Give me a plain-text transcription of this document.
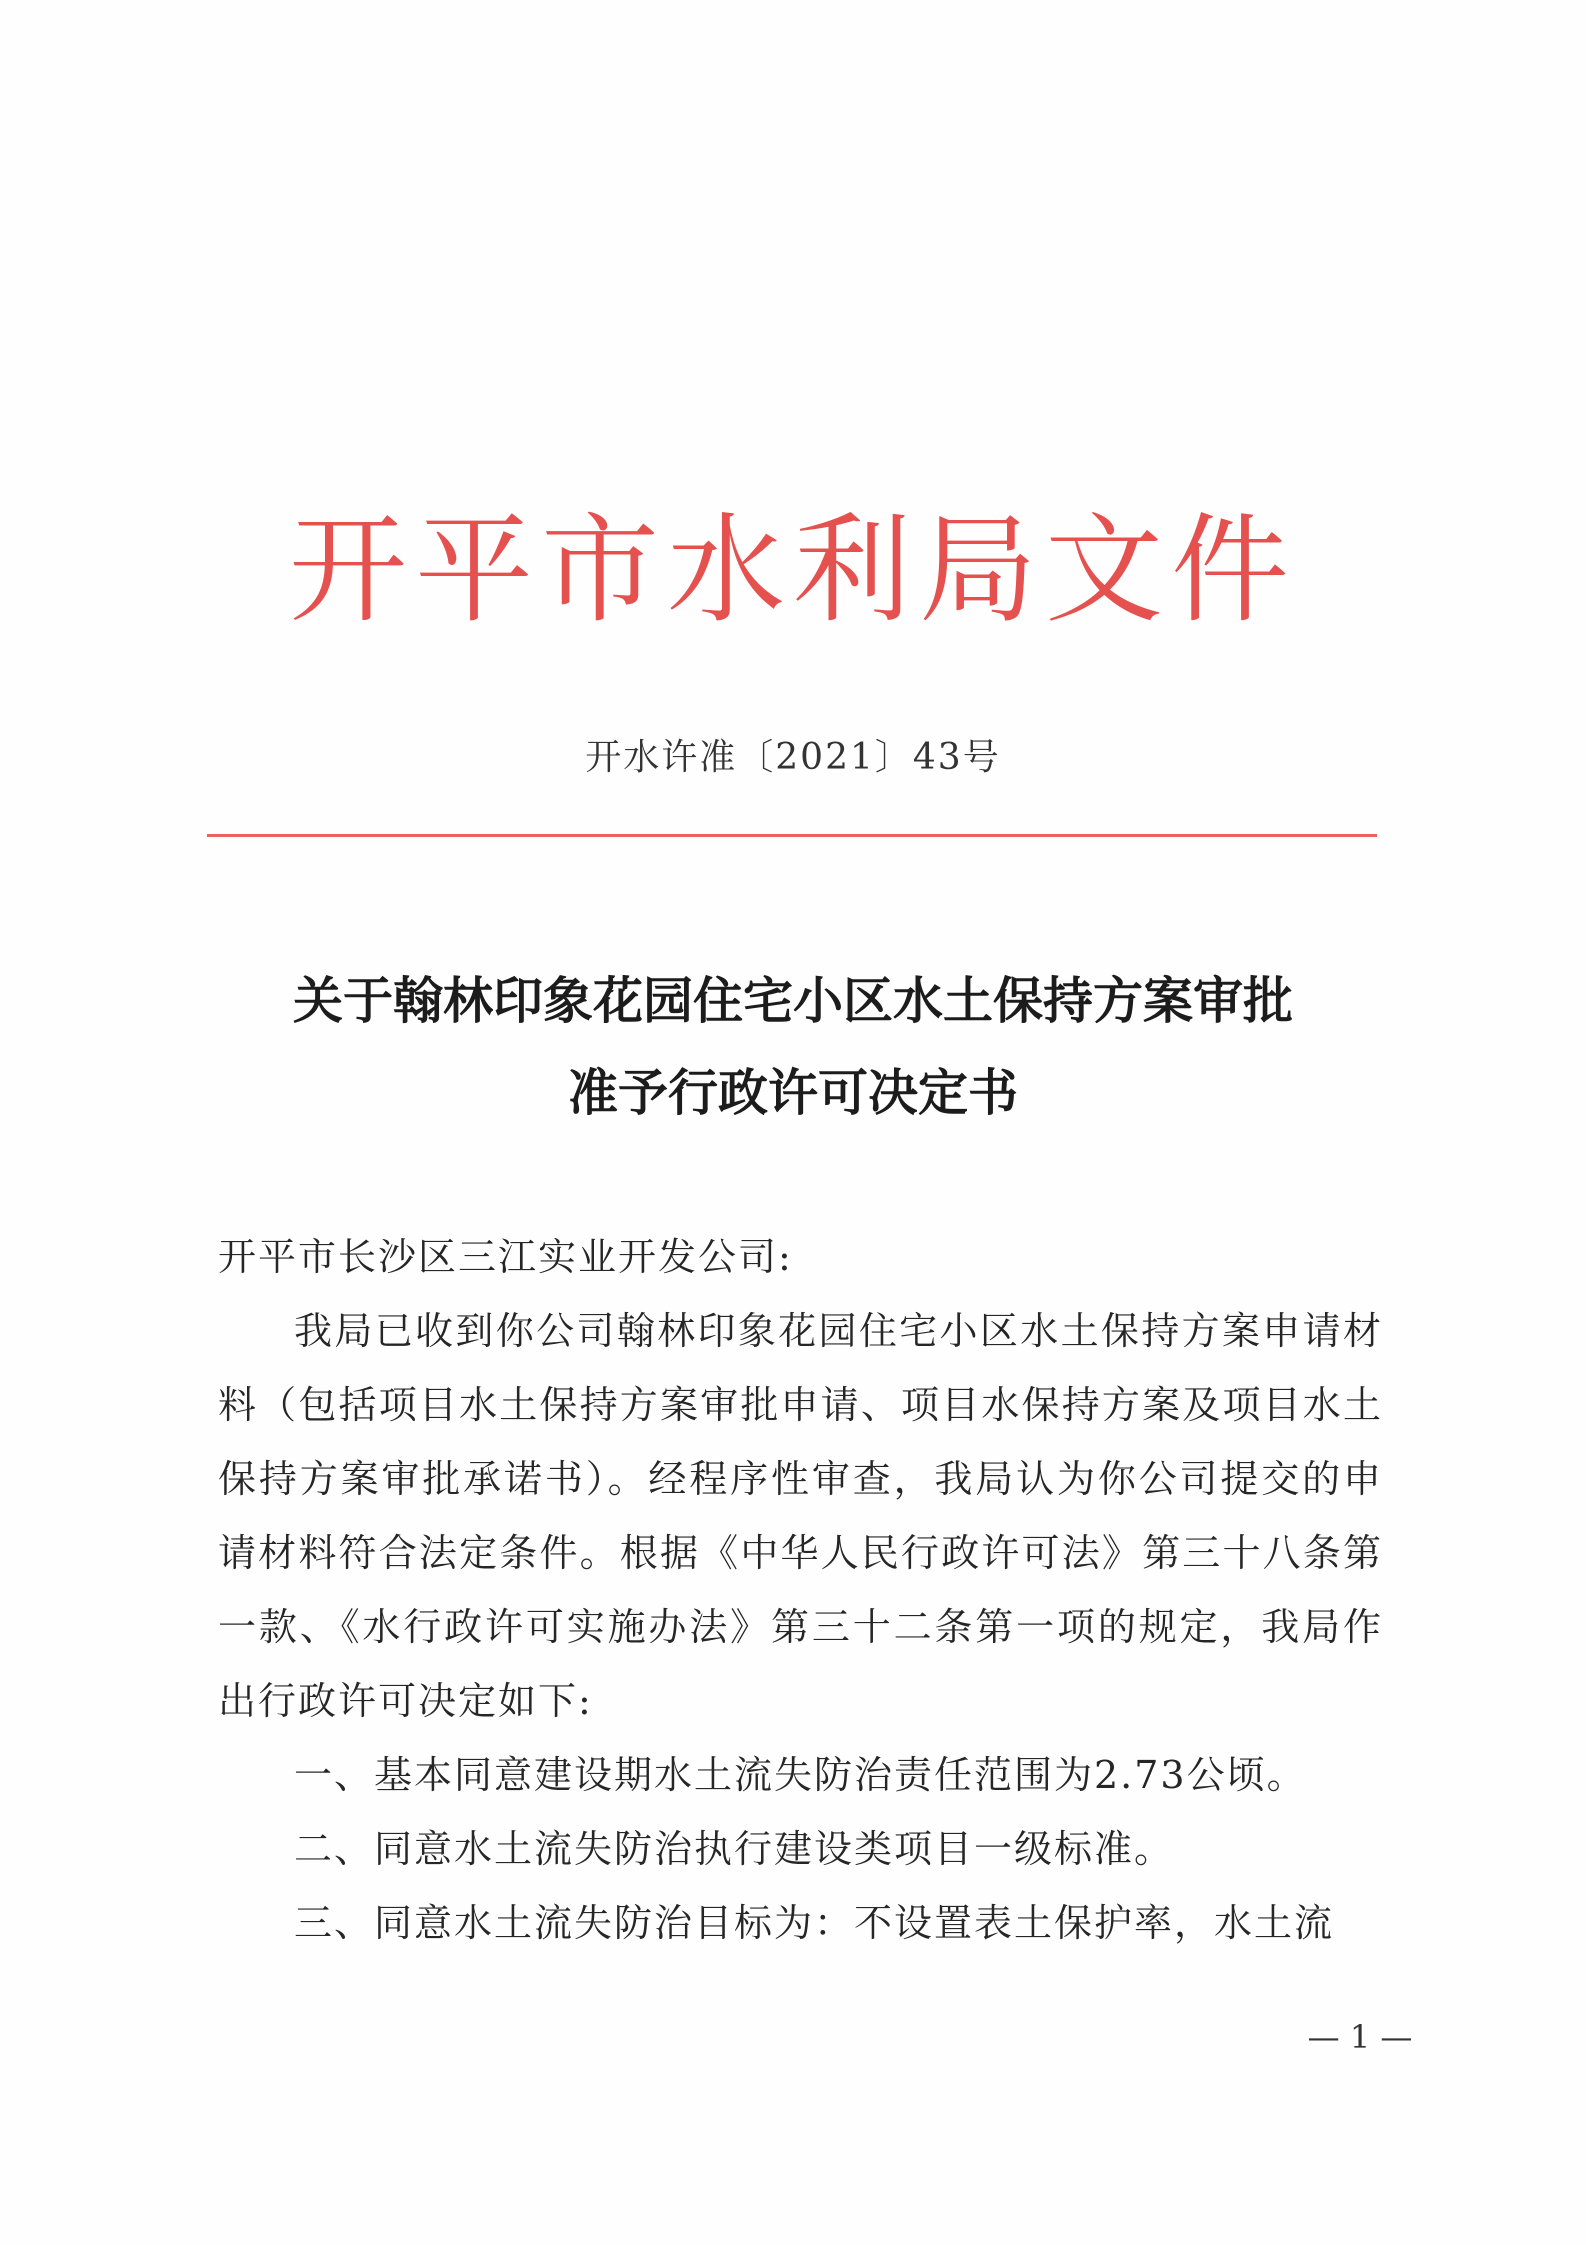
开平市水利局文件
开水许准〔2021〕43号
关于翰林印象花园住宅小区水土保持方案审批
准予行政许可决定书

开平市长沙区三江实业开发公司:

我局已收到你公司翰林印象花园住宅小区水土保持方案申请材料（包括项目水土保持方案审批申请、项目水保持方案及项目水土保持方案审批承诺书）。经程序性审查，我局认为你公司提交的申请材料符合法定条件。根据《中华人民行政许可法》第三十八条第一款、《水行政许可实施办法》第三十二条第一项的规定，我局作出行政许可决定如下:

一、基本同意建设期水土流失防治责任范围为2.73公顷。

二、同意水土流失防治执行建设类项目一级标准。

三、同意水土流失防治目标为：不设置表土保护率，水土流

— 1 —
